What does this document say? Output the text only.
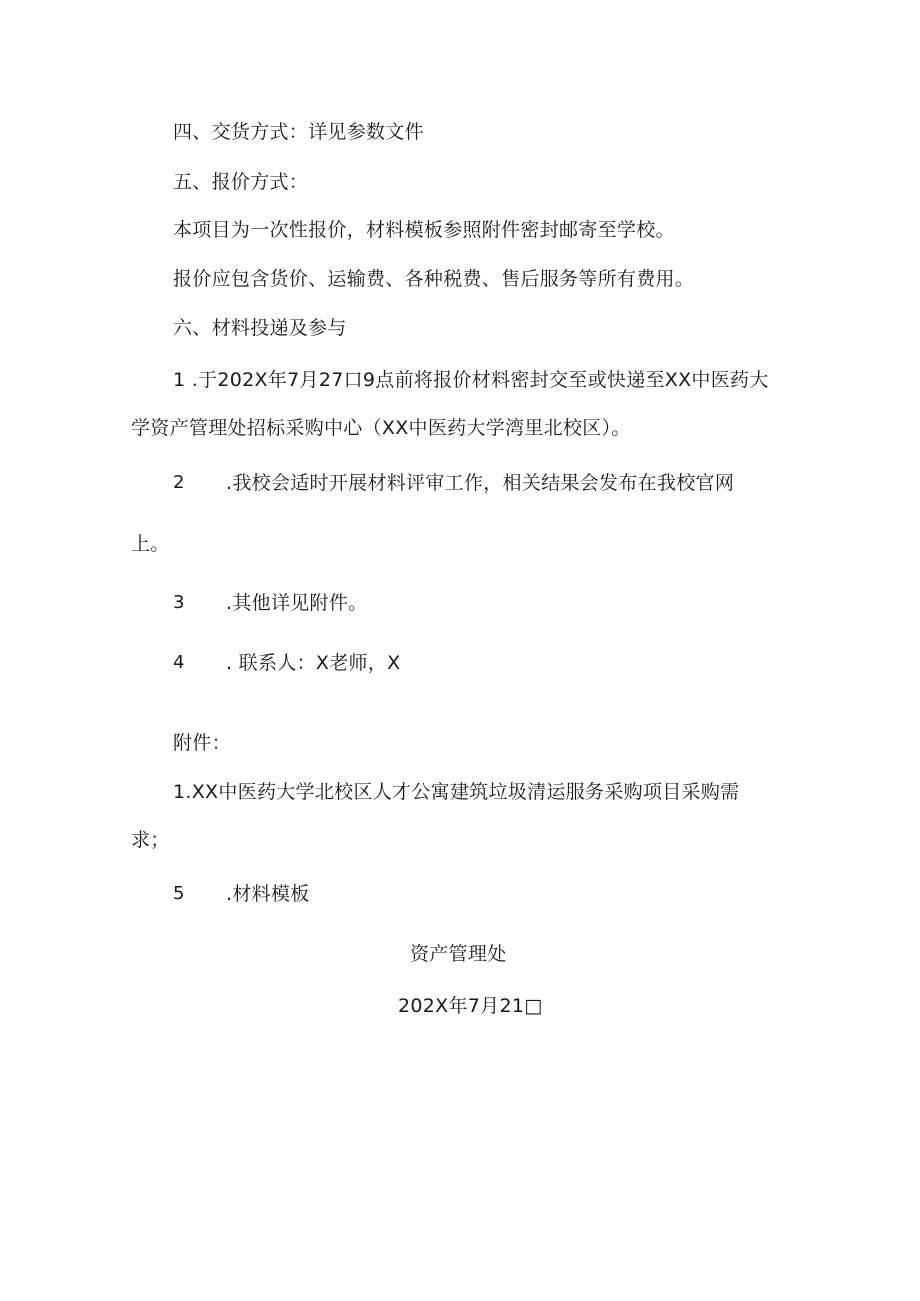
四、交货方式：详见参数文件
五、报价方式：
本项目为一次性报价，材料模板参照附件密封邮寄至学校。
报价应包含货价、运输费、各种税费、售后服务等所有费用。
六、材料投递及参与
1 .于202X年7月27口9点前将报价材料密封交至或快递至XX中医药大
学资产管理处招标采购中心（XX中医药大学湾里北校区）。
2 .我校会适时开展材料评审工作，相关结果会发布在我校官网
上。
3 .其他详见附件。
4 . 联系人：X老师，X
附件：
1.XX中医药大学北校区人才公寓建筑垃圾清运服务采购项目采购需
求；
5 .材料模板
资产管理处
202X年7月21□
